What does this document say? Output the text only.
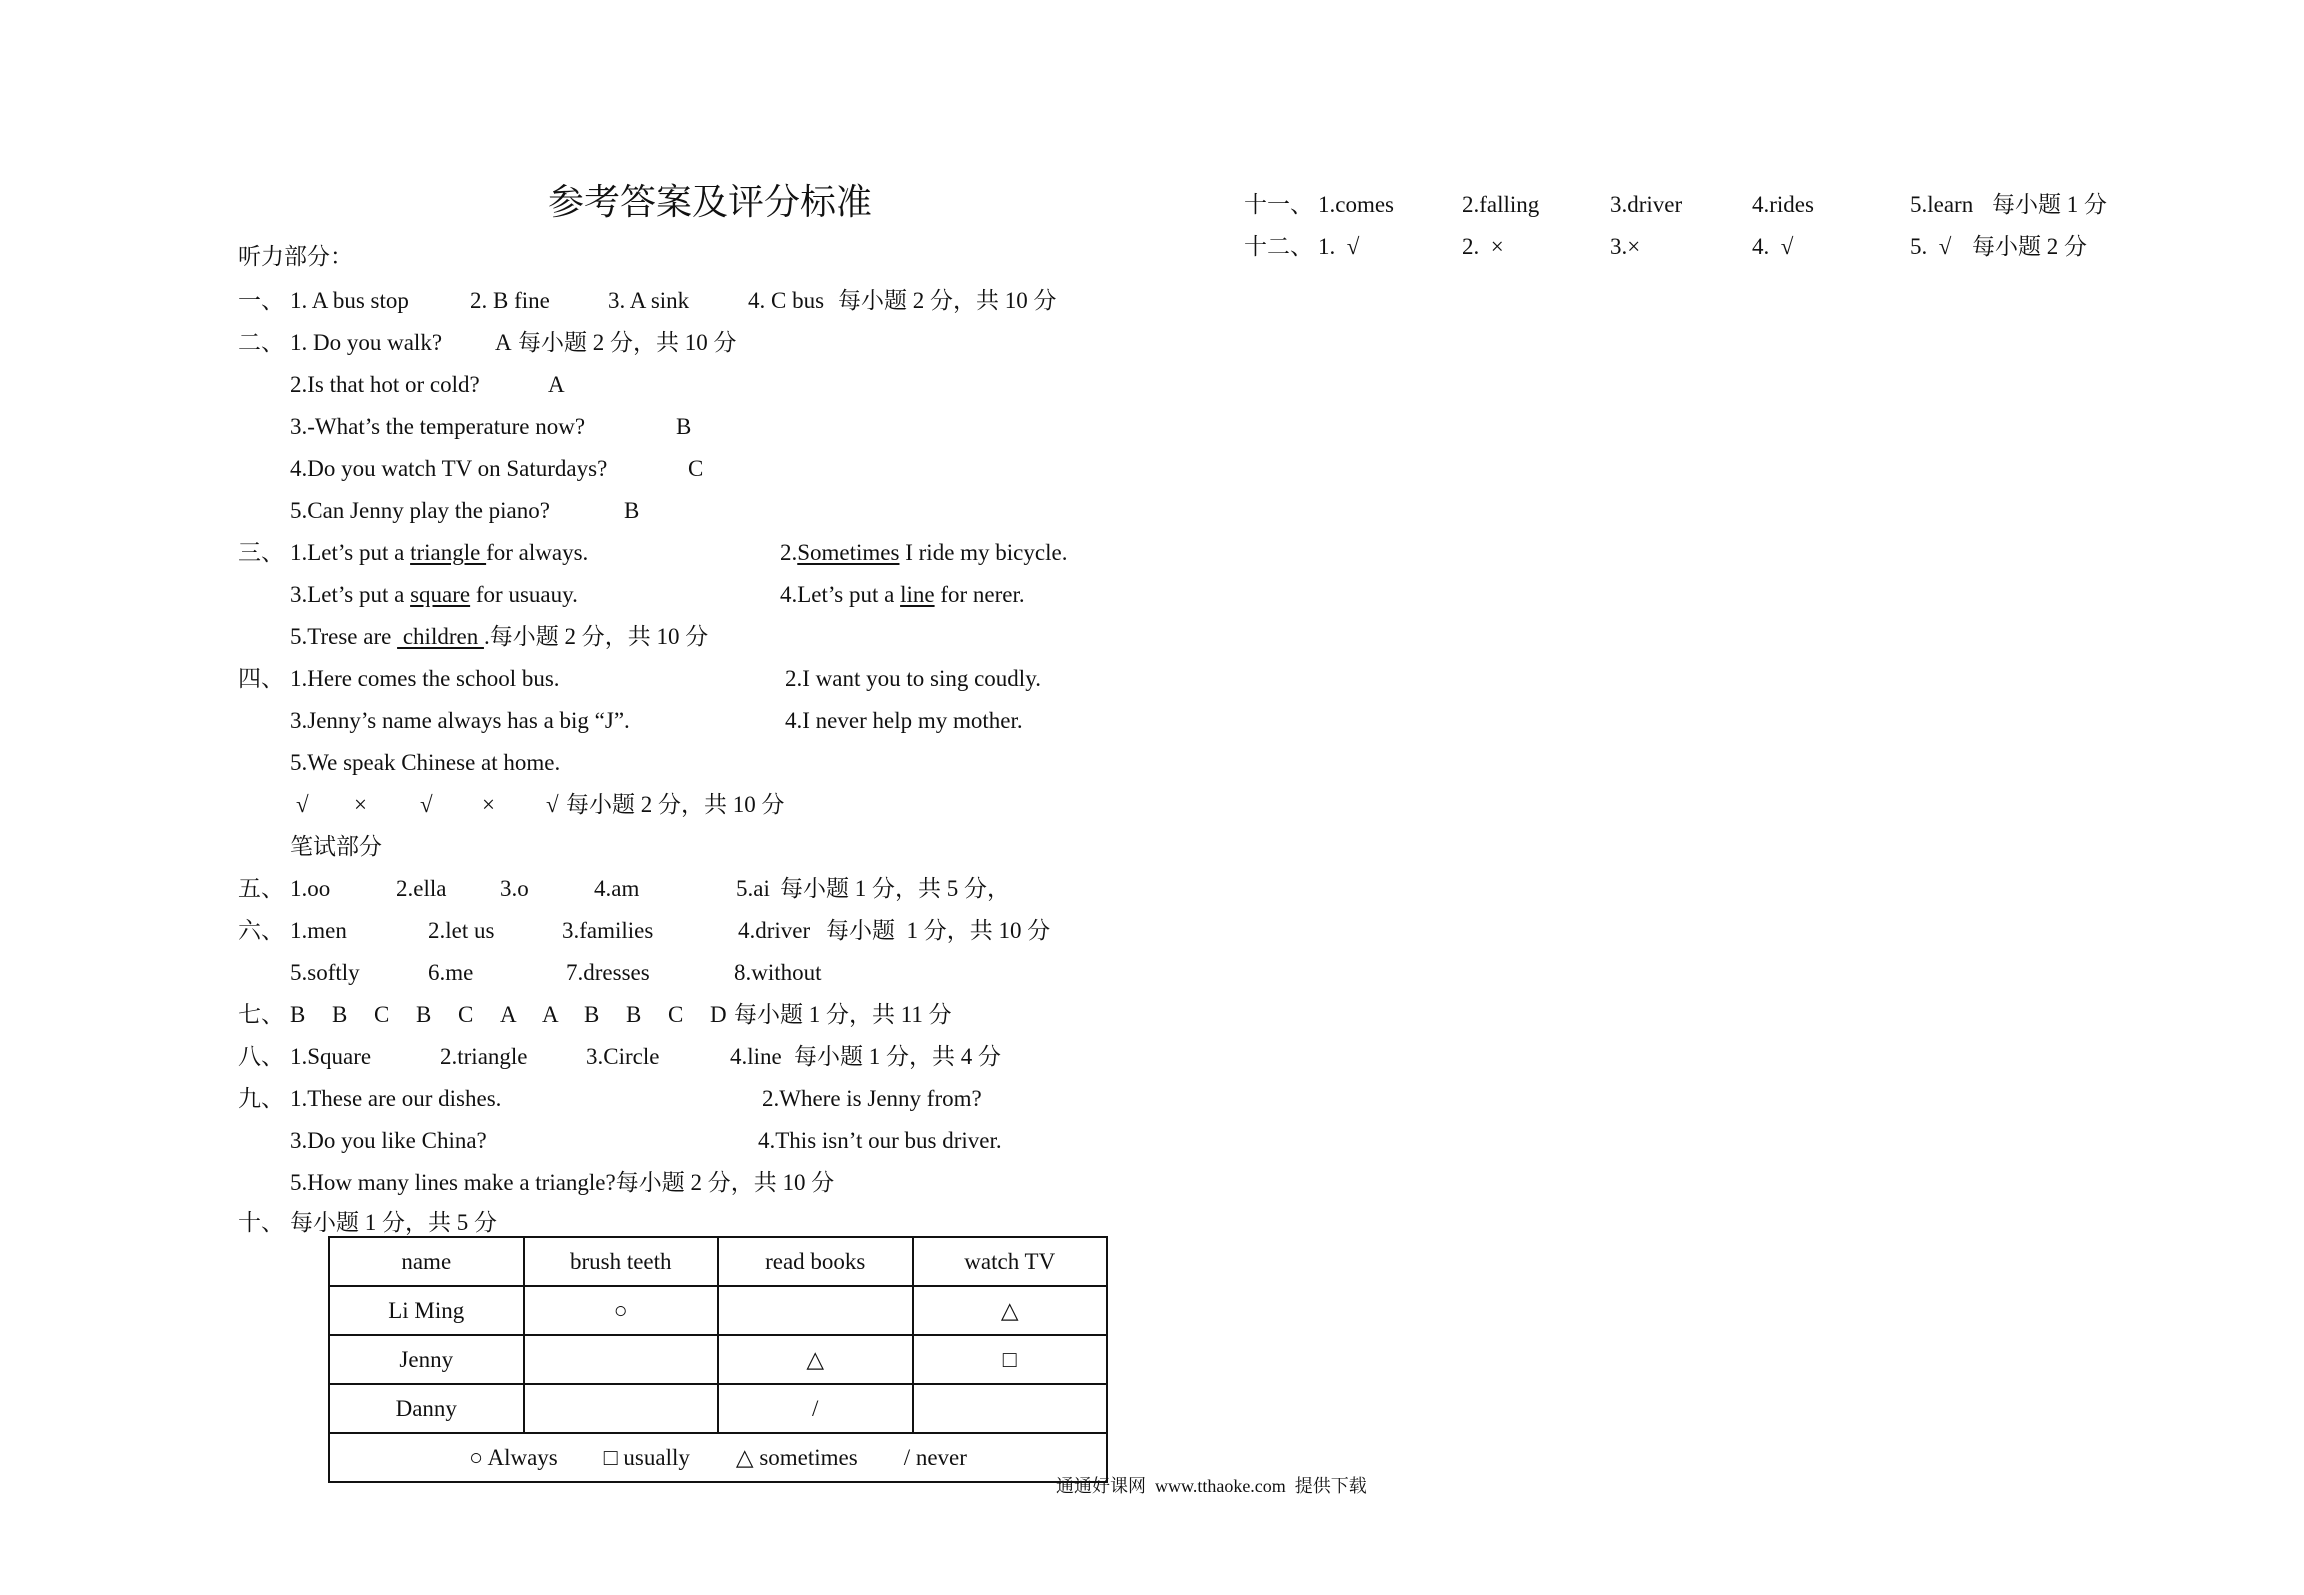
参考答案及评分标准
听力部分：
一、 1. A bus stop	2. B fine	3. A sink	4. C bus 每小题 2 分，共 10 分
二、 1. Do you walk? A 每小题 2 分，共 10 分
2.Is that hot or cold?	A
3.-What’s the temperature now?	B
4.Do you watch TV on Saturdays?	C
5.Can Jenny play the piano?	B
三、 1.Let’s put a triangle for always.	2.Sometimes I ride my bicycle.
3.Let’s put a square for usuauy.	4.Let’s put a line for nerer.
5.Trese are  children .每小题 2 分，共 10 分
四、 1.Here comes the school bus.	2.I want you to sing coudly.
3.Jenny’s name always has a big “J”.	4.I never help my mother.
5.We speak Chinese at home.
√ × √ × √ 每小题 2 分，共 10 分
笔试部分
五、 1.oo	2.ella 3.o	4.am	5.ai 每小题 1 分，共 5 分，
六、 1.men	2.let us	3.families	4.driver 每小题  1 分，共 10 分
5.softly	6.me	7.dresses	8.without
七、 B B C B C A A B B C D 每小题 1 分，共 11 分
八、 1.Square	2.triangle	3.Circle	4.line 每小题 1 分，共 4 分
九、 1.These are our dishes.	2.Where is Jenny from?
3.Do you like China?	4.This isn’t our bus driver.
5.How many lines make a triangle?每小题 2 分，共 10 分
十、 每小题 1 分，共 5 分
name	brush teeth	read books	watch TV
Li Ming	○		△
Jenny		△	□
Danny		/	
○ Always □ usually △ sometimes / never			
十一、 1.comes	2.falling	3.driver	4.rides	5.learn 每小题 1 分
十二、 1.  √	2.  ×	3.×	4.  √	5.  √ 每小题 2 分
通通好课网  www.tthaoke.com  提供下载
